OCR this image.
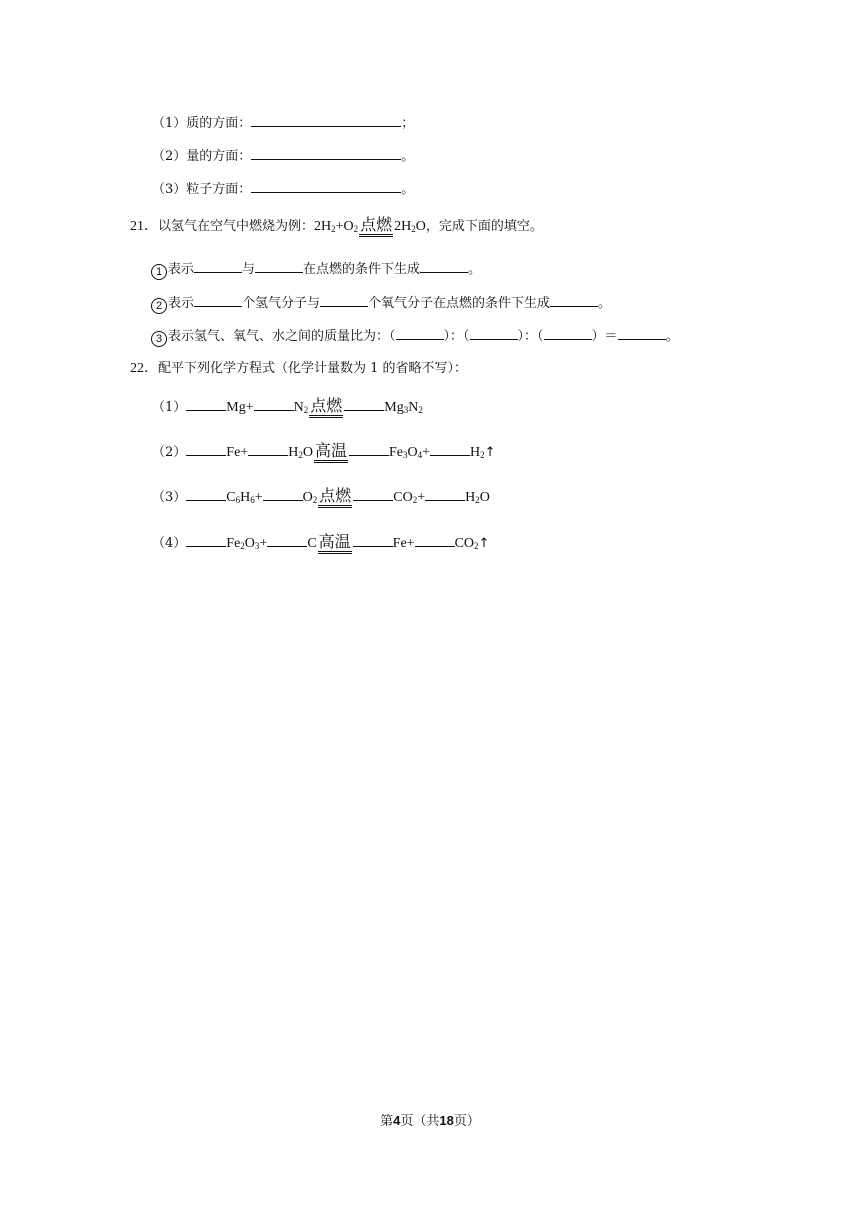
（1）质的方面：	；
（2）量的方面：	。
（3）粒子方面：	。
21．以氢气在空气中燃烧为例：$2H_2+O_2$ 点燃 $2H_2O$，完成下面的填空。
1 表示	与	在点燃的条件下生成	。
2 表示	个氢气分子与	个氧气分子在点燃的条件下生成	。
3 表示氢气、氧气、水之间的质量比为：（	）：（	）：（	）＝	。
22．配平下列化学方程式（化学计量数为 1 的省略不写）：
（1）	Mg+	$N_2$ 点燃	$Mg_3N_2$
（2）	Fe+	$H_2O$ 高温	$Fe_3O_4+$	$H_2↑$
（3）	$C_6H_6+$	$O_2$ 点燃	$CO_2+$	$H_2O$
（4）	$Fe_2O_3+$	C 高温	Fe+	$CO_2↑$
第4页（共18页）
